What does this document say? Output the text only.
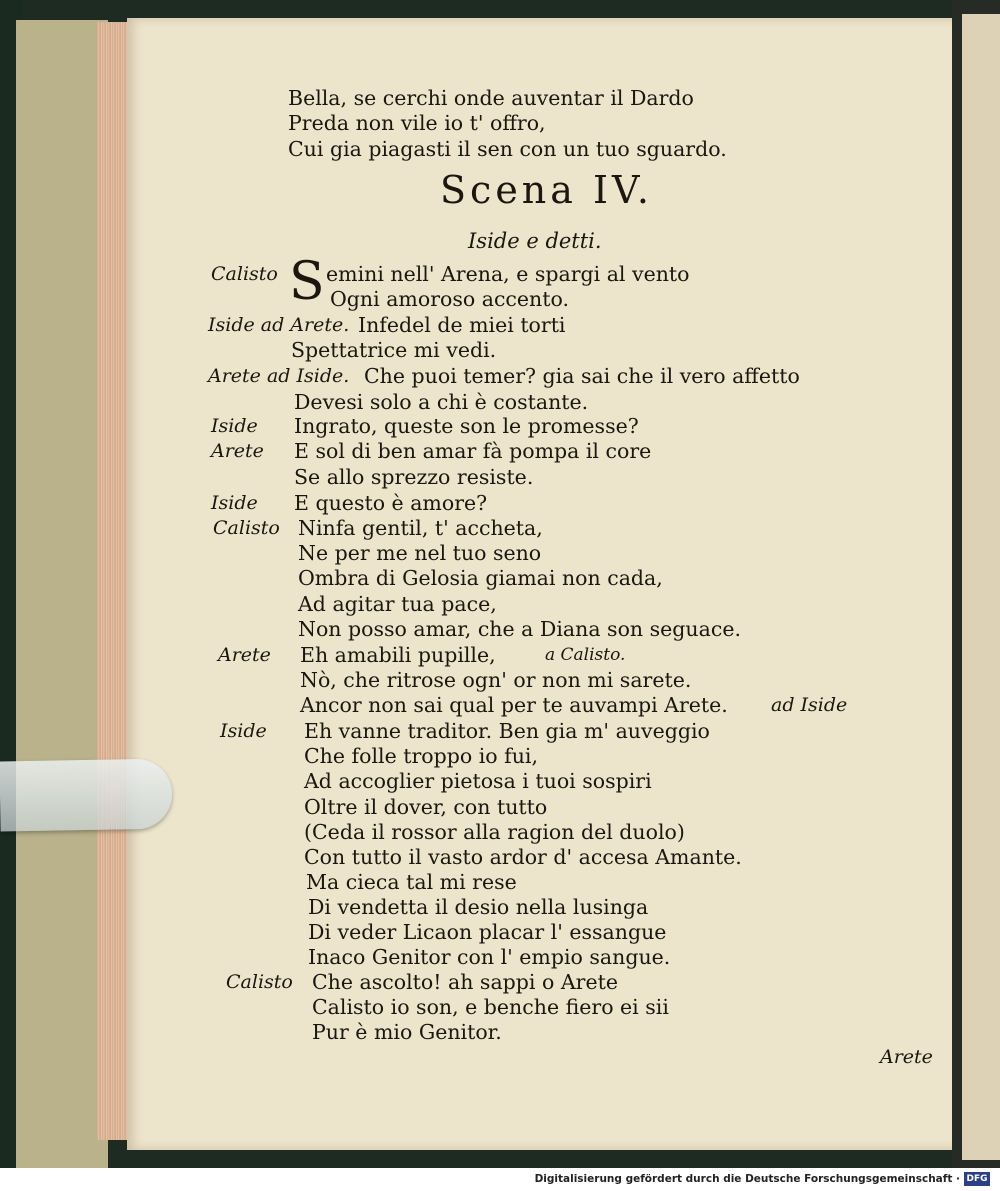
Bella, se cerchi onde auventar il Dardo
Preda non vile io t' offro,
Cui gia piagasti il sen con un tuo sguardo.
Scena IV.
Iside e detti.
Calisto S emini nell' Arena, e spargi al vento
Ogni amoroso accento.
Iside ad Arete. Infedel de miei torti
Spettatrice mi vedi.
Arete ad Iside. Che puoi temer? gia sai che il vero affetto
Devesi solo a chi è costante.
Iside Ingrato, queste son le promesse?
Arete E sol di ben amar fà pompa il core
Se allo sprezzo resiste.
Iside E questo è amore?
Calisto Ninfa gentil, t' accheta,
Ne per me nel tuo seno
Ombra di Gelosia giamai non cada,
Ad agitar tua pace,
Non posso amar, che a Diana son seguace.
Arete Eh amabili pupille,	a Calisto.
Nò, che ritrose ogn' or non mi sarete.
Ancor non sai qual per te auvampi Arete. ad Iside
Iside Eh vanne traditor. Ben gia m' auveggio
Che folle troppo io fui,
Ad accoglier pietosa i tuoi sospiri
Oltre il dover, con tutto
(Ceda il rossor alla ragion del duolo)
Con tutto il vasto ardor d' accesa Amante.
Ma cieca tal mi rese
Di vendetta il desio nella lusinga
Di veder Licaon placar l' essangue
Inaco Genitor con l' empio sangue.
Calisto Che ascolto! ah sappi o Arete
Calisto io son, e benche fiero ei sii
Pur è mio Genitor.
Arete
Digitalisierung gefördert durch die Deutsche Forschungsgemeinschaft · DFG
